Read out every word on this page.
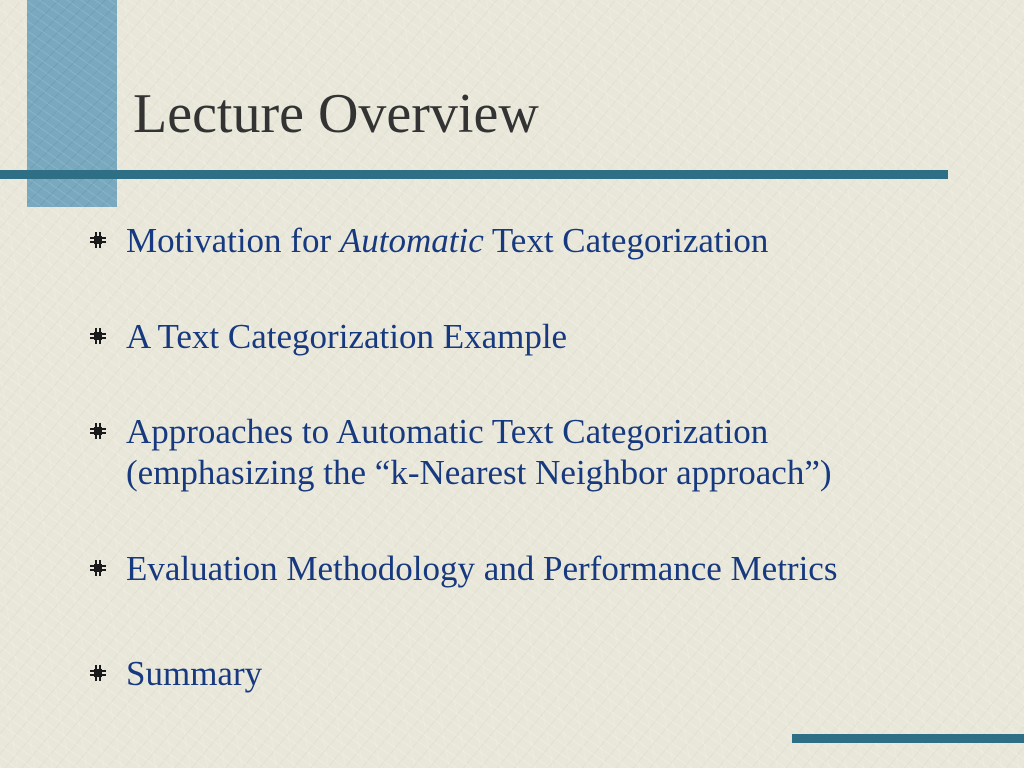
Lecture Overview
Motivation for Automatic Text Categorization
A Text Categorization Example
Approaches to Automatic Text Categorization
(emphasizing the “k-Nearest Neighbor approach”)
Evaluation Methodology and Performance Metrics
Summary
